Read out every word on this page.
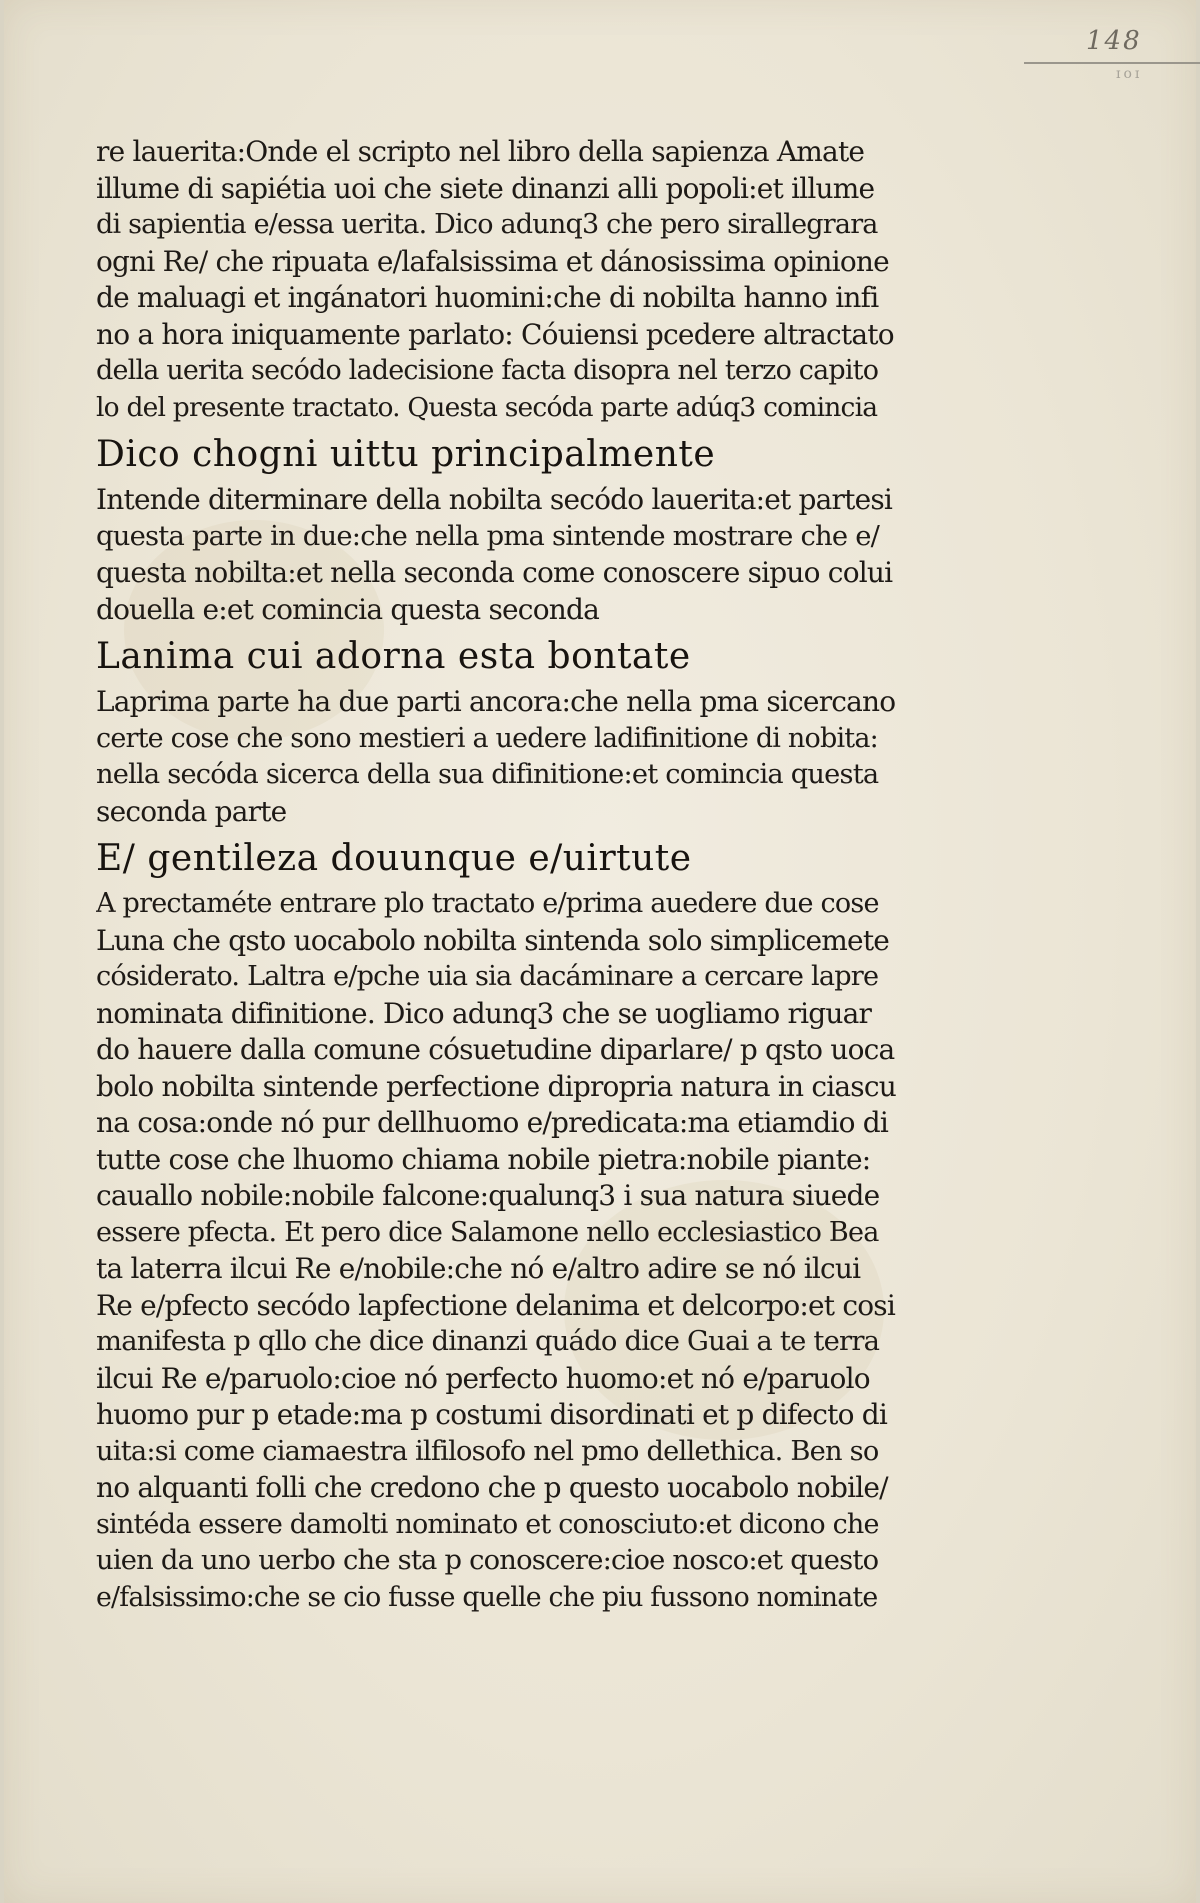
148
ɪoɪ
re lauerita:Onde el scripto nel libro della sapienza Amate
illume di sapiétia uoi che siete dinanzi alli popoli:et illume
di sapientia e/essa uerita. Dico adunq3 che pero sirallegrara
ogni Re/ che ripuata e/lafalsissima et dánosissima opinione
de maluagi et ingánatori huomini:che di nobilta hanno infi
no a hora iniquamente parlato: Cóuiensi pcedere altractato
della uerita secódo ladecisione facta disopra nel terzo capito
lo del presente tractato. Questa secóda parte adúq3 comincia
Dico chogni uittu principalmente
Intende diterminare della nobilta secódo lauerita:et partesi
questa parte in due:che nella pma sintende mostrare che e/
questa nobilta:et nella seconda come conoscere sipuo colui
douella e:et comincia questa seconda
Lanima cui adorna esta bontate
Laprima parte ha due parti ancora:che nella pma sicercano
certe cose che sono mestieri a uedere ladifinitione di nobita:
nella secóda sicerca della sua difinitione:et comincia questa
seconda parte
E/ gentileza douunque e/uirtute
A prectaméte entrare plo tractato e/prima auedere due cose
Luna che qsto uocabolo nobilta sintenda solo simplicemete
cósiderato. Laltra e/pche uia sia dacáminare a cercare lapre
nominata difinitione. Dico adunq3 che se uogliamo riguar
do hauere dalla comune cósuetudine diparlare/ p qsto uoca
bolo nobilta sintende perfectione dipropria natura in ciascu
na cosa:onde nó pur dellhuomo e/predicata:ma etiamdio di
tutte cose che lhuomo chiama nobile pietra:nobile piante:
cauallo nobile:nobile falcone:qualunq3 i sua natura siuede
essere pfecta. Et pero dice Salamone nello ecclesiastico Bea
ta laterra ilcui Re e/nobile:che nó e/altro adire se nó ilcui
Re e/pfecto secódo lapfectione delanima et delcorpo:et cosi
manifesta p qllo che dice dinanzi quádo dice Guai a te terra
ilcui Re e/paruolo:cioe nó perfecto huomo:et nó e/paruolo
huomo pur p etade:ma p costumi disordinati et p difecto di
uita:si come ciamaestra ilfilosofo nel pmo dellethica. Ben so
no alquanti folli che credono che p questo uocabolo nobile/
sintéda essere damolti nominato et conosciuto:et dicono che
uien da uno uerbo che sta p conoscere:cioe nosco:et questo
e/falsissimo:che se cio fusse quelle che piu fussono nominate
